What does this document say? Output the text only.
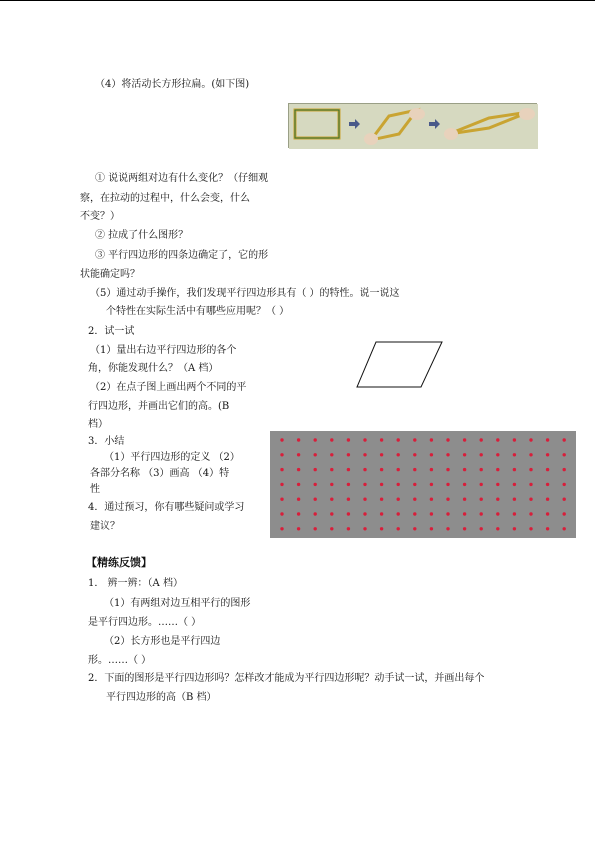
（4）将活动长方形拉扁。(如下图)
① 说说两组对边有什么变化？（仔细观
察，在拉动的过程中，什么会变，什么
不变？）
② 拉成了什么图形？
③ 平行四边形的四条边确定了，它的形
状能确定吗？
（5）通过动手操作，我们发现平行四边形具有（ ）的特性。说一说这
个特性在实际生活中有哪些应用呢？（ ）
2．试一试
（1）量出右边平行四边形的各个
角，你能发现什么？（A 档）
（2）在点子图上画出两个不同的平
行四边形，并画出它们的高。(B
档）
3．小结
（1）平行四边形的定义 （2）
各部分名称 （3）画高 （4）特
性
4．通过预习，你有哪些疑问或学习
建议？
【精练反馈】
1． 辨一辨：（A 档）
（1）有两组对边互相平行的图形
是平行四边形。……（ ）
（2）长方形也是平行四边
形。……（ ）
2．下面的图形是平行四边形吗？怎样改才能成为平行四边形呢？动手试一试，并画出每个
平行四边形的高（B 档）
